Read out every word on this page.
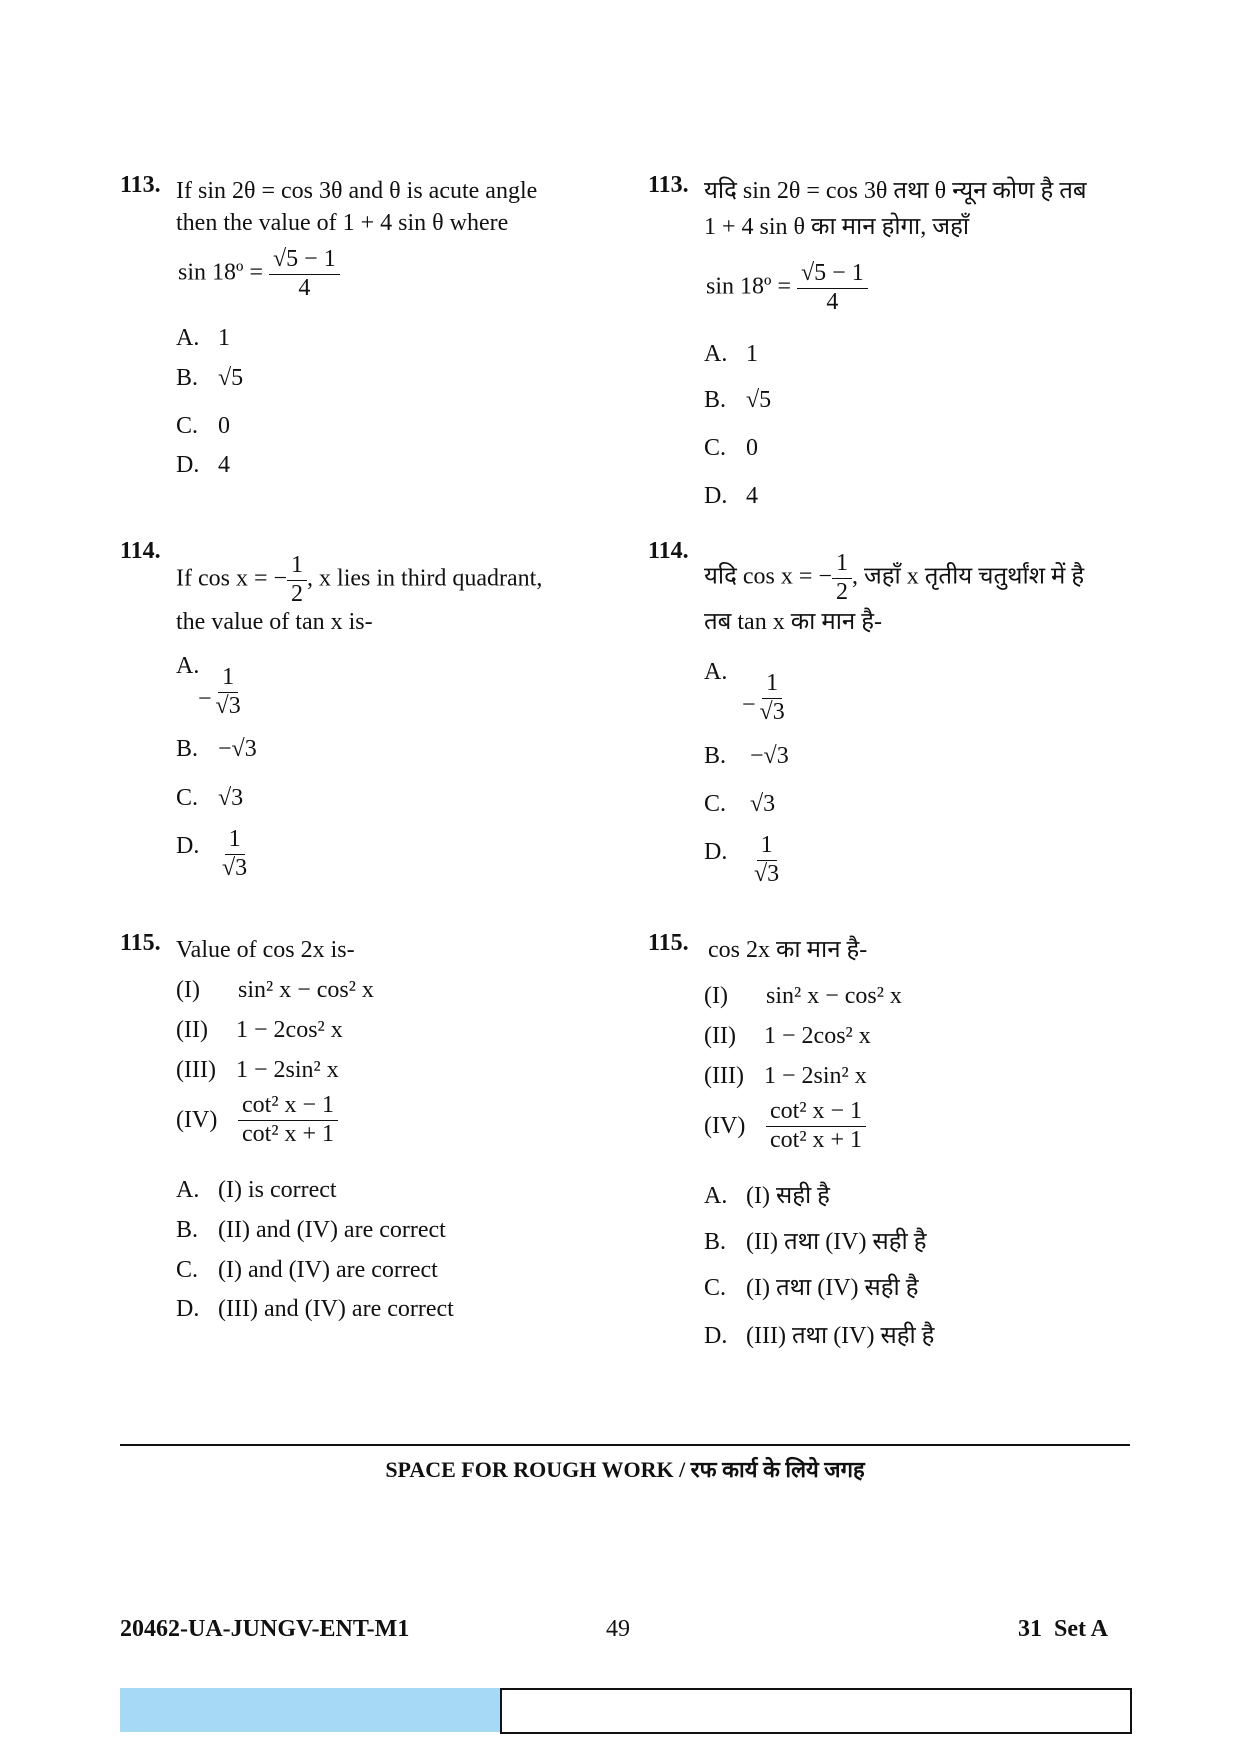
113. If sin 2θ = cos 3θ and θ is acute angle
then the value of 1 + 4 sin θ where
sin 18º = $\frac{√5 - 1}{4}$
A. 1
B. √5
C. 0
D. 4
114.
If cos x = − $\frac{1}{2}$ , x lies in third quadrant,
the value of tan x is-
$A.- \frac{1}{√3}$
B. −√3
C. √3
D. $\frac{1}{√3}$
115. Value of cos 2x is-
(I) sin² x − cos² x
(II) 1 − 2cos² x
(III) 1 − 2sin² x
$(IV) \frac{\text{cot² x − 1}}{\text{cot² x + 1}}$
A. (I) is correct
B. (II) and (IV) are correct
C. (I) and (IV) are correct
D. (III) and (IV) are correct
113. यदि sin 2θ = cos 3θ तथा θ न्यून कोण है तब
1 + 4 sin θ का मान होगा, जहाँ
sin 18º = $\frac{√5 - 1}{4}$
A. 1
B. √5
C. 0
D. 4
114.
यदि cos x = − $\frac{1}{2}$ , जहाँ x तृतीय चतुर्थांश में है
तब tan x का मान है-
$A.- \frac{1}{√3}$
B. −√3
C. √3
D. $\frac{1}{√3}$
115. cos 2x का मान है-
(I) sin² x − cos² x
(II) 1 − 2cos² x
(III) 1 − 2sin² x
$(IV) \frac{\text{cot² x − 1}}{\text{cot² x + 1}}$
A. (I) सही है
B. (II) तथा (IV) सही है
C. (I) तथा (IV) सही है
D. (III) तथा (IV) सही है
SPACE FOR ROUGH WORK / रफ कार्य के लिये जगह
20462-UA-JUNGV-ENT-M1	49	31 Set A
